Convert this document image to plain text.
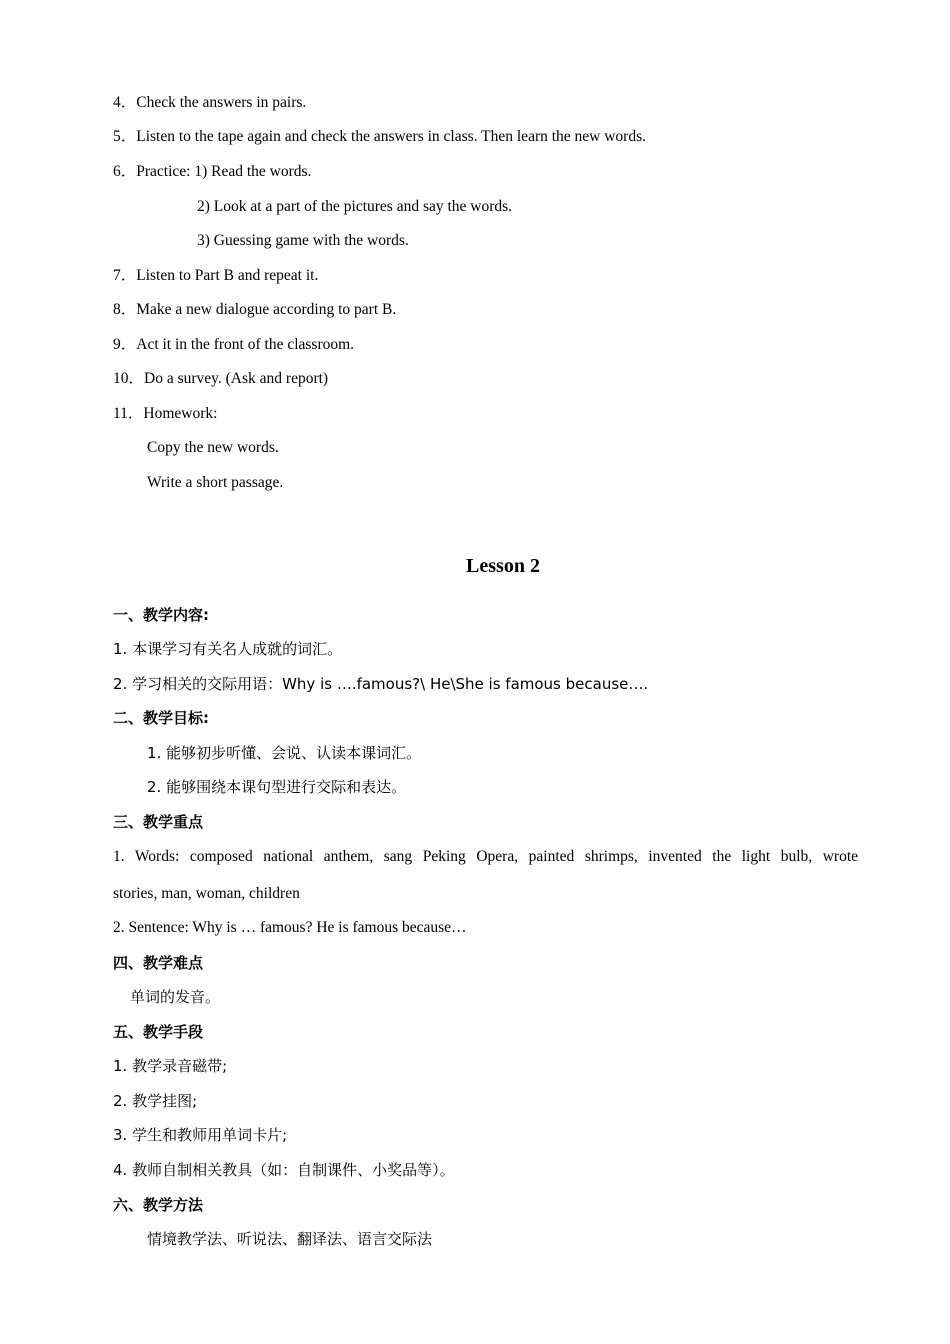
4．Check the answers in pairs.
5．Listen to the tape again and check the answers in class. Then learn the new words.
6．Practice: 1) Read the words.
2) Look at a part of the pictures and say the words.
3) Guessing game with the words.
7．Listen to Part B and repeat it.
8．Make a new dialogue according to part B.
9．Act it in the front of the classroom.
10．Do a survey. (Ask and report)
11．Homework:
Copy the new words.
Write a short passage.
Lesson 2
一、教学内容:
1. 本课学习有关名人成就的词汇。
2. 学习相关的交际用语：Why is ….famous?\ He\She is famous because….
二、教学目标:
1. 能够初步听懂、会说、认读本课词汇。
2. 能够围绕本课句型进行交际和表达。
三、教学重点
1. Words: composed national anthem, sang Peking Opera, painted shrimps, invented the light bulb, wrote
stories, man, woman, children
2. Sentence: Why is … famous? He is famous because…
四、教学难点
单词的发音。
五、教学手段
1. 教学录音磁带;
2. 教学挂图;
3. 学生和教师用单词卡片;
4. 教师自制相关教具（如：自制课件、小奖品等）。
六、教学方法
情境教学法、听说法、翻译法、语言交际法
